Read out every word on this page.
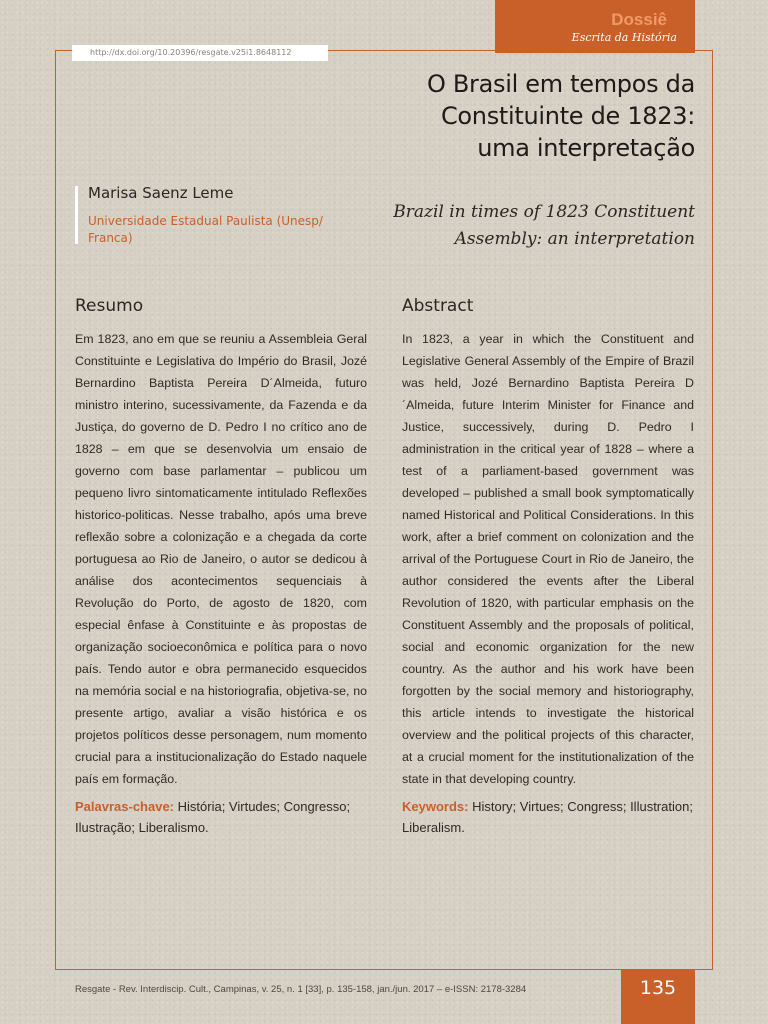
Dossiê
Escrita da História
http://dx.doi.org/10.20396/resgate.v25i1.8648112
O Brasil em tempos da
Constituinte de 1823:
uma interpretação
Brazil in times of 1823 Constituent
Assembly: an interpretation
Marisa Saenz Leme
Universidade Estadual Paulista (Unesp/ Franca)
Resumo

Em 1823, ano em que se reuniu a Assembleia Geral Constituinte e Legislativa do Império do Brasil, Jozé Bernardino Baptista Pereira D´Almeida, futuro ministro interino, sucessivamente, da Fazenda e da Justiça, do governo de D. Pedro I no crítico ano de 1828 – em que se desenvolvia um ensaio de governo com base parlamentar – publicou um pequeno livro sintomaticamente intitulado Reflexões historico-politicas. Nesse trabalho, após uma breve reflexão sobre a colonização e a chegada da corte portuguesa ao Rio de Janeiro, o autor se dedicou à análise dos acontecimentos sequenciais à Revolução do Porto, de agosto de 1820, com especial ênfase à Constituinte e às propostas de organização socioeconômica e política para o novo país. Tendo autor e obra permanecido esquecidos na memória social e na historiografia, objetiva-se, no presente artigo, avaliar a visão histórica e os projetos políticos desse personagem, num momento crucial para a institucionalização do Estado naquele país em formação.

Palavras-chave: História; Virtudes; Congresso; Ilustração; Liberalismo.
Abstract

In 1823, a year in which the Constituent and Legislative General Assembly of the Empire of Brazil was held, Jozé Bernardino Baptista Pereira D´Almeida, future Interim Minister for Finance and Justice, successively, during D. Pedro I administration in the critical year of 1828 – where a test of a parliament-based government was developed – published a small book symptomatically named Historical and Political Considerations. In this work, after a brief comment on colonization and the arrival of the Portuguese Court in Rio de Janeiro, the author considered the events after the Liberal Revolution of 1820, with particular emphasis on the Constituent Assembly and the proposals of political, social and economic organization for the new country. As the author and his work have been forgotten by the social memory and historiography, this article intends to investigate the historical overview and the political projects of this character, at a crucial moment for the institutionalization of the state in that developing country.

Keywords: History; Virtues; Congress; Illustration; Liberalism.
Resgate - Rev. Interdiscip. Cult., Campinas, v. 25, n. 1 [33], p. 135-158, jan./jun. 2017 – e-ISSN: 2178-3284	135
